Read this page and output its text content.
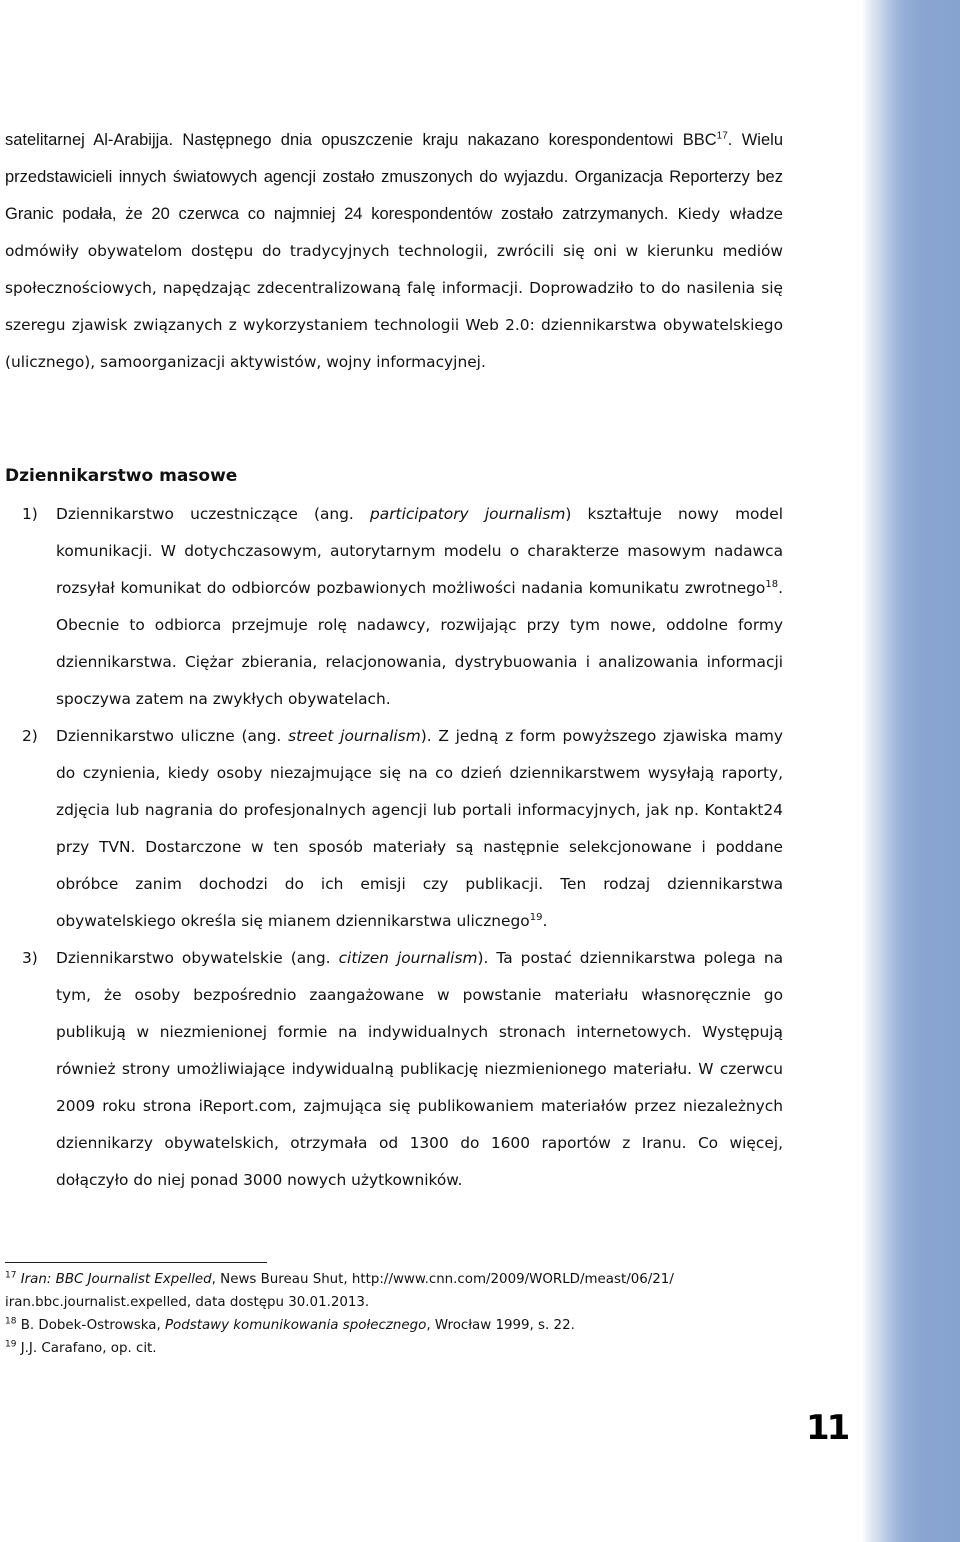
satelitarnej Al-Arabijja. Następnego dnia opuszczenie kraju nakazano korespondentowi BBC$^{17}$. Wielu przedstawicieli innych światowych agencji zostało zmuszonych do wyjazdu. Organizacja Reporterzy bez Granic podała, że 20 czerwca co najmniej 24 korespondentów zostało zatrzymanych. Kiedy władze odmówiły obywatelom dostępu do tradycyjnych technologii, zwrócili się oni w kierunku mediów społecznościowych, napędzając zdecentralizowaną falę informacji. Doprowadziło to do nasilenia się szeregu zjawisk związanych z wykorzystaniem technologii Web 2.0: dziennikarstwa obywatelskiego (ulicznego), samoorganizacji aktywistów, wojny informacyjnej.

Dziennikarstwo masowe
1) Dziennikarstwo uczestniczące (ang. participatory journalism) kształtuje nowy model komunikacji. W dotychczasowym, autorytarnym modelu o charakterze masowym nadawca rozsyłał komunikat do odbiorców pozbawionych możliwości nadania komunikatu zwrotnego$^{18}$. Obecnie to odbiorca przejmuje rolę nadawcy, rozwijając przy tym nowe, oddolne formy dziennikarstwa. Ciężar zbierania, relacjonowania, dystrybuowania i analizowania informacji spoczywa zatem na zwykłych obywatelach.
2) Dziennikarstwo uliczne (ang. street journalism). Z jedną z form powyższego zjawiska mamy do czynienia, kiedy osoby niezajmujące się na co dzień dziennikarstwem wysyłają raporty, zdjęcia lub nagrania do profesjonalnych agencji lub portali informacyjnych, jak np. Kontakt24 przy TVN. Dostarczone w ten sposób materiały są następnie selekcjonowane i poddane obróbce zanim dochodzi do ich emisji czy publikacji. Ten rodzaj dziennikarstwa obywatelskiego określa się mianem dziennikarstwa ulicznego$^{19}$.
3) Dziennikarstwo obywatelskie (ang. citizen journalism). Ta postać dziennikarstwa polega na tym, że osoby bezpośrednio zaangażowane w powstanie materiału własnoręcznie go publikują w niezmienionej formie na indywidualnych stronach internetowych. Występują również strony umożliwiające indywidualną publikację niezmienionego materiału. W czerwcu 2009 roku strona iReport.com, zajmująca się publikowaniem materiałów przez niezależnych dziennikarzy obywatelskich, otrzymała od 1300 do 1600 raportów z Iranu. Co więcej, dołączyło do niej ponad 3000 nowych użytkowników.

$^{17}$ Iran: BBC Journalist Expelled, News Bureau Shut, http://www.cnn.com/2009/WORLD/meast/06/21/ iran.bbc.journalist.expelled, data dostępu 30.01.2013.

$^{18}$ B. Dobek-Ostrowska, Podstawy komunikowania społecznego, Wrocław 1999, s. 22.

$^{19}$ J.J. Carafano, op. cit.

11
